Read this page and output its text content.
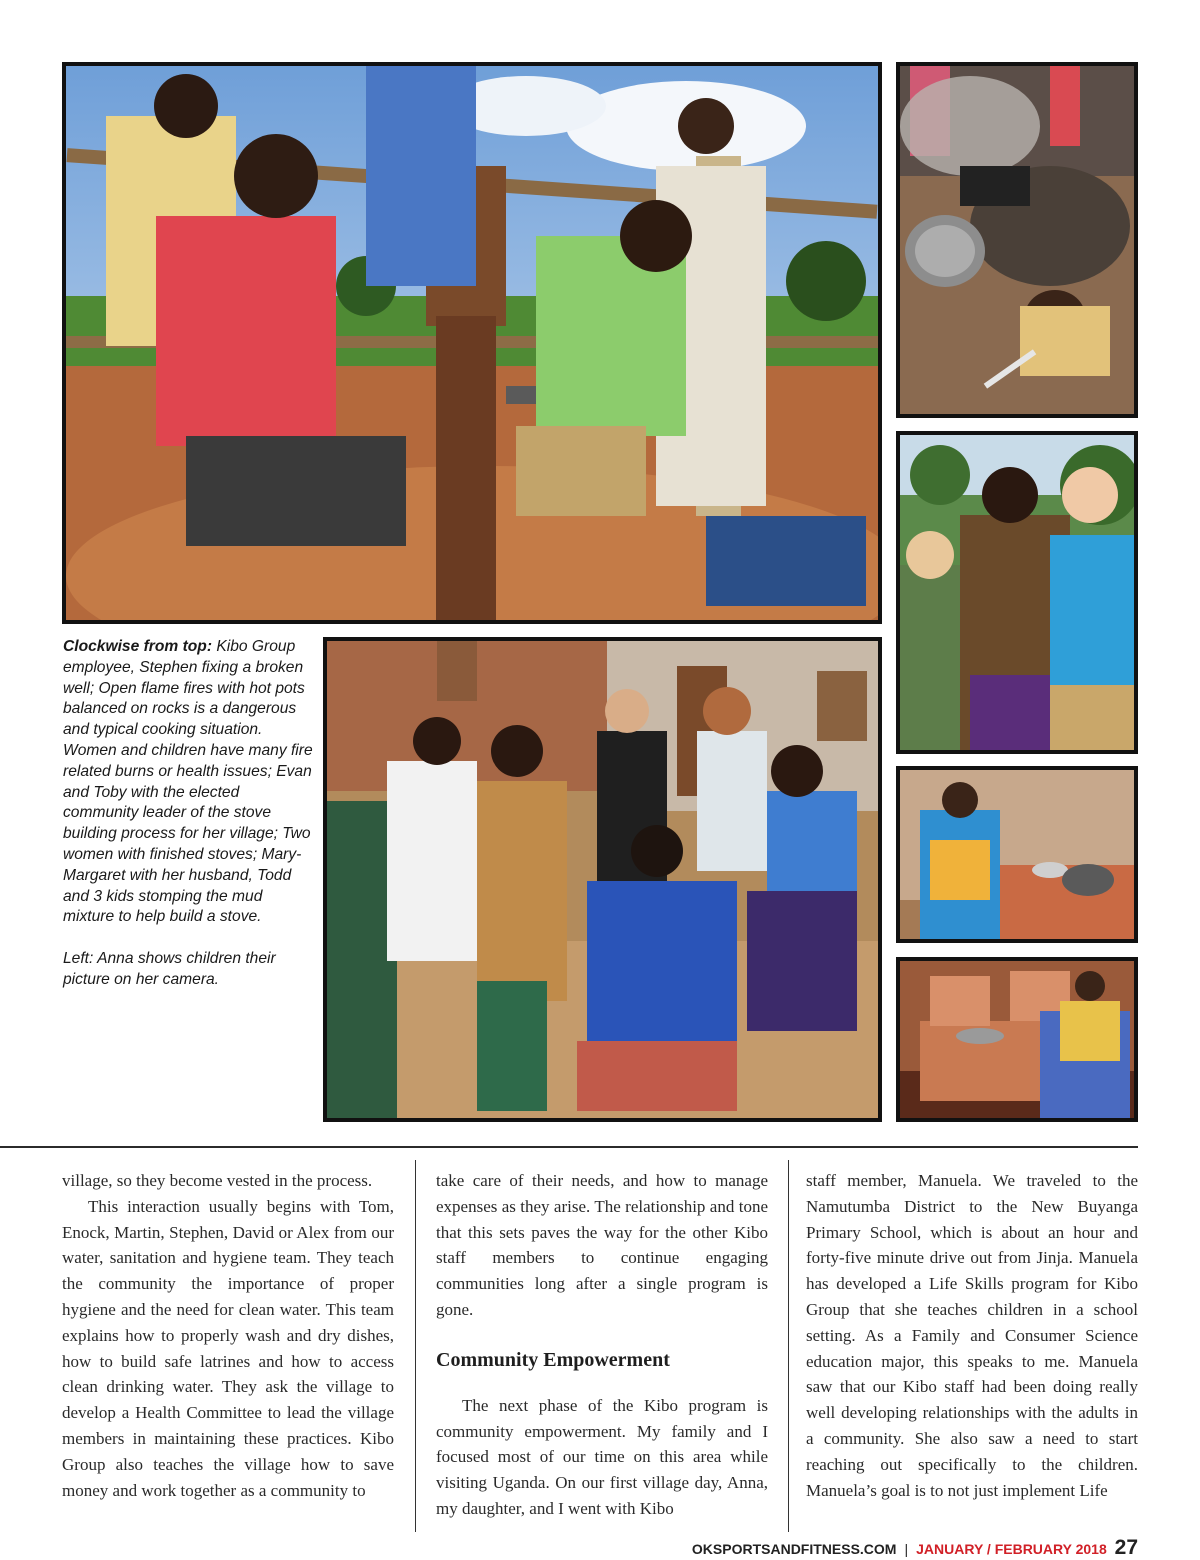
Clockwise from top: Kibo Group employee, Stephen fixing a broken well; Open flame fires with hot pots balanced on rocks is a dangerous and typical cooking situation. Women and children have many fire related burns or health issues; Evan and Toby with the elected community leader of the stove building process for her village; Two women with finished stoves; Mary-Margaret with her husband, Todd and 3 kids stomping the mud mixture to help build a stove.

Left: Anna shows children their picture on her camera.

village, so they become vested in the process.

This interaction usually begins with Tom, Enock, Martin, Stephen, David or Alex from our water, sanitation and hygiene team. They teach the community the importance of proper hygiene and the need for clean water. This team explains how to properly wash and dry dishes, how to build safe latrines and how to access clean drinking water. They ask the village to develop a Health Committee to lead the village members in maintaining these practices. Kibo Group also teaches the village how to save money and work together as a community to

take care of their needs, and how to manage expenses as they arise. The relationship and tone that this sets paves the way for the other Kibo staff members to continue engaging communities long after a single program is gone.

Community Empowerment

The next phase of the Kibo program is community empowerment. My family and I focused most of our time on this area while visiting Uganda. On our first village day, Anna, my daughter, and I went with Kibo

staff member, Manuela. We traveled to the Namutumba District to the New Buyanga Primary School, which is about an hour and forty-five minute drive out from Jinja. Manuela has developed a Life Skills program for Kibo Group that she teaches children in a school setting. As a Family and Consumer Science education major, this speaks to me. Manuela saw that our Kibo staff had been doing really well developing relationships with the adults in a community. She also saw a need to start reaching out specifically to the children. Manuela’s goal is to not just implement Life

OKSPORTSANDFITNESS.COM | JANUARY / FEBRUARY 2018 27
